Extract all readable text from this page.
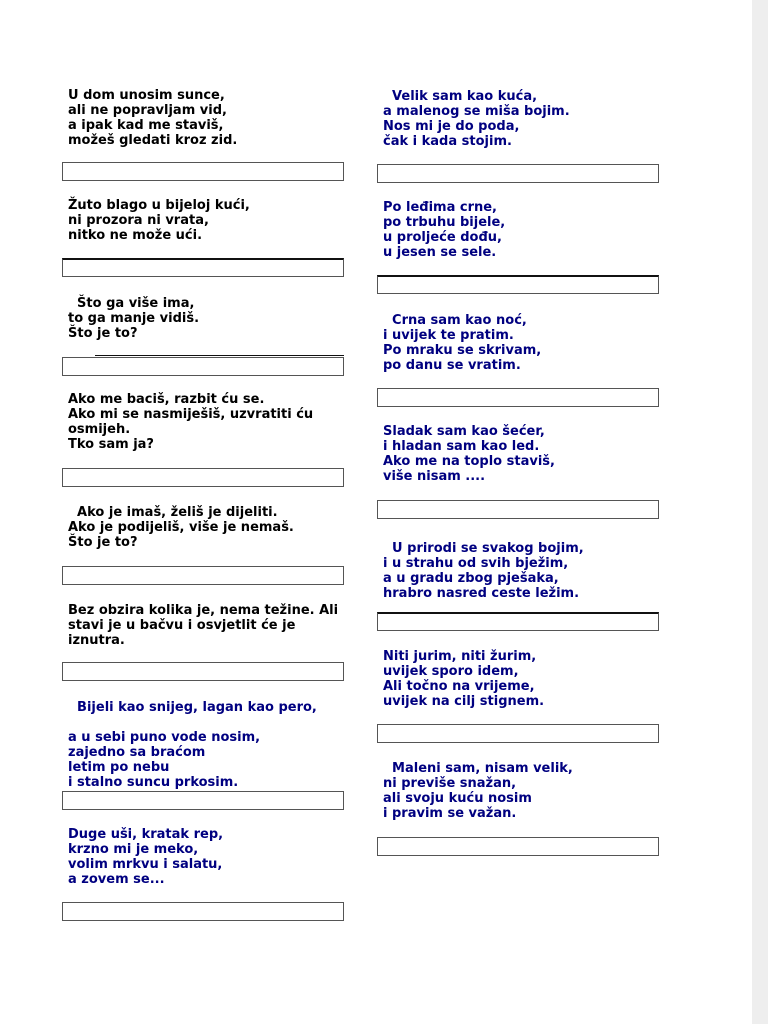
U dom unosim sunce,
ali ne popravljam vid,
a ipak kad me staviš,
možeš gledati kroz zid.

Žuto blago u bijeloj kući,
ni prozora ni vrata,
nitko ne može ući.

Što ga više ima,
to ga manje vidiš.
Što je to?

Ako me baciš, razbit ću se.
Ako mi se nasmiješiš, uzvratiti ću
osmijeh.
Tko sam ja?

Ako je imaš, želiš je dijeliti.
Ako je podijeliš, više je nemaš.
Što je to?

Bez obzira kolika je, nema težine. Ali
stavi je u bačvu i osvjetlit će je
iznutra.

Bijeli kao snijeg, lagan kao pero,

a u sebi puno vode nosim,
zajedno sa braćom
letim po nebu
i stalno suncu prkosim.

Duge uši, kratak rep,
krzno mi je meko,
volim mrkvu i salatu,
a zovem se...

Velik sam kao kuća,
a malenog se miša bojim.
Nos mi je do poda,
čak i kada stojim.

Po leđima crne,
po trbuhu bijele,
u proljeće dođu,
u jesen se sele.

Crna sam kao noć,
i uvijek te pratim.
Po mraku se skrivam,
po danu se vratim.

Sladak sam kao šećer,
i hladan sam kao led.
Ako me na toplo staviš,
više nisam ....

U prirodi se svakog bojim,
i u strahu od svih bježim,
a u gradu zbog pješaka,
hrabro nasred ceste ležim.

Niti jurim, niti žurim,
uvijek sporo idem,
Ali točno na vrijeme,
uvijek na cilj stignem.

Maleni sam, nisam velik,
ni previše snažan,
ali svoju kuću nosim
i pravim se važan.
